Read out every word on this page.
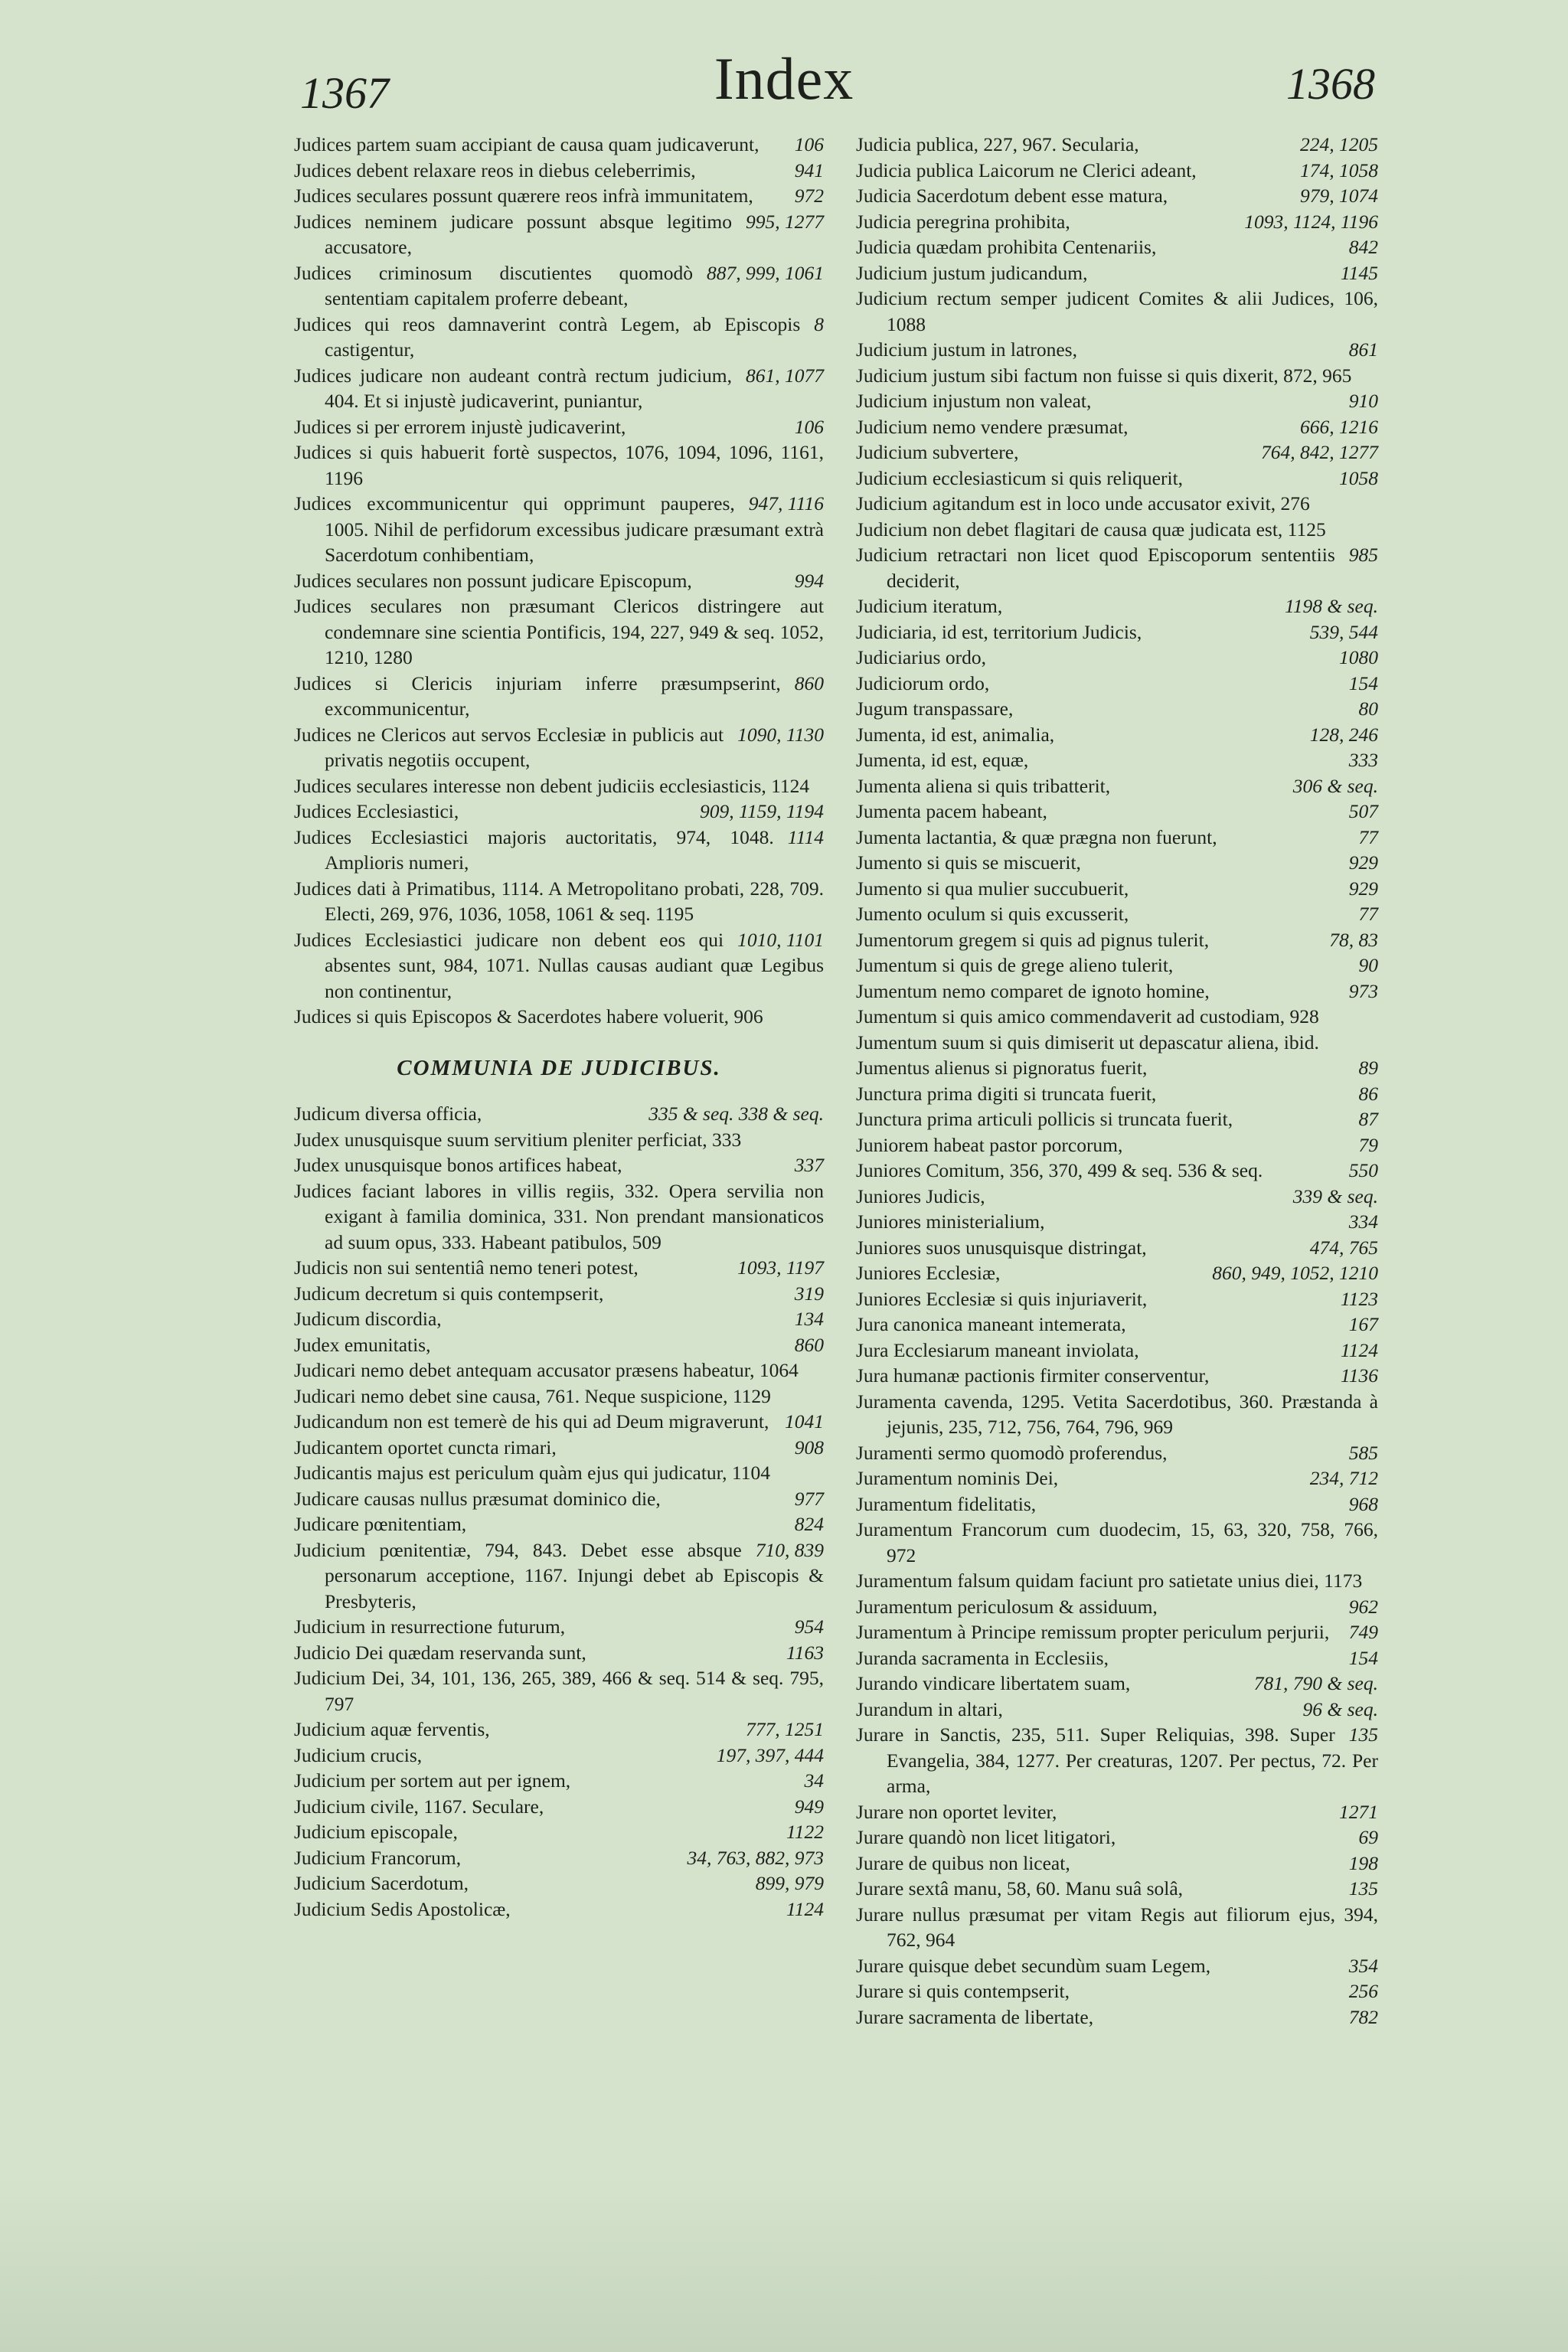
1367	Index	1368
106
Judices partem suam accipiant de causa quam judicaverunt,
941
Judices debent relaxare reos in diebus celeberrimis,
972
Judices seculares possunt quærere reos infrà immunitatem,
995, 1277
Judices neminem judicare possunt absque legitimo accusatore,
887, 999, 1061
Judices criminosum discutientes quomodò sententiam capitalem proferre debeant,
8
Judices qui reos damnaverint contrà Legem, ab Episcopis castigentur,
861, 1077
Judices judicare non audeant contrà rectum judicium, 404. Et si injustè judicaverint, puniantur,
106
Judices si per errorem injustè judicaverint,
Judices si quis habuerit fortè suspectos, 1076, 1094, 1096, 1161, 1196
947, 1116
Judices excommunicentur qui opprimunt pauperes, 1005. Nihil de perfidorum excessibus judicare præsumant extrà Sacerdotum conhibentiam,
994
Judices seculares non possunt judicare Episcopum,
Judices seculares non præsumant Clericos distringere aut condemnare sine scientia Pontificis, 194, 227, 949 & seq. 1052, 1210, 1280
860
Judices si Clericis injuriam inferre præsumpserint, excommunicentur,
1090, 1130
Judices ne Clericos aut servos Ecclesiæ in publicis aut privatis negotiis occupent,
Judices seculares interesse non debent judiciis ecclesiasticis, 1124
909, 1159, 1194
Judices Ecclesiastici,
1114
Judices Ecclesiastici majoris auctoritatis, 974, 1048. Amplioris numeri,
Judices dati à Primatibus, 1114. A Metropolitano probati, 228, 709. Electi, 269, 976, 1036, 1058, 1061 & seq. 1195
1010, 1101
Judices Ecclesiastici judicare non debent eos qui absentes sunt, 984, 1071. Nullas causas audiant quæ Legibus non continentur,
Judices si quis Episcopos & Sacerdotes habere voluerit, 906
COMMUNIA DE JUDICIBUS.
335 & seq. 338 & seq.
Judicum diversa officia,
Judex unusquisque suum servitium pleniter perficiat, 333
337
Judex unusquisque bonos artifices habeat,
Judices faciant labores in villis regiis, 332. Opera servilia non exigant à familia dominica, 331. Non prendant mansionaticos ad suum opus, 333. Habeant patibulos, 509
1093, 1197
Judicis non sui sententiâ nemo teneri potest,
319
Judicum decretum si quis contempserit,
134
Judicum discordia,
860
Judex emunitatis,
Judicari nemo debet antequam accusator præsens habeatur, 1064
Judicari nemo debet sine causa, 761. Neque suspicione, 1129
1041
Judicandum non est temerè de his qui ad Deum migraverunt,
908
Judicantem oportet cuncta rimari,
Judicantis majus est periculum quàm ejus qui judicatur, 1104
977
Judicare causas nullus præsumat dominico die,
824
Judicare pœnitentiam,
710, 839
Judicium pœnitentiæ, 794, 843. Debet esse absque personarum acceptione, 1167. Injungi debet ab Episcopis & Presbyteris,
954
Judicium in resurrectione futurum,
1163
Judicio Dei quædam reservanda sunt,
Judicium Dei, 34, 101, 136, 265, 389, 466 & seq. 514 & seq. 795, 797
777, 1251
Judicium aquæ ferventis,
197, 397, 444
Judicium crucis,
34
Judicium per sortem aut per ignem,
949
Judicium civile, 1167. Seculare,
1122
Judicium episcopale,
34, 763, 882, 973
Judicium Francorum,
899, 979
Judicium Sacerdotum,
1124
Judicium Sedis Apostolicæ,
224, 1205
Judicia publica, 227, 967. Secularia,
174, 1058
Judicia publica Laicorum ne Clerici adeant,
979, 1074
Judicia Sacerdotum debent esse matura,
1093, 1124, 1196
Judicia peregrina prohibita,
842
Judicia quædam prohibita Centenariis,
1145
Judicium justum judicandum,
Judicium rectum semper judicent Comites & alii Judices, 106, 1088
861
Judicium justum in latrones,
Judicium justum sibi factum non fuisse si quis dixerit, 872, 965
910
Judicium injustum non valeat,
666, 1216
Judicium nemo vendere præsumat,
764, 842, 1277
Judicium subvertere,
1058
Judicium ecclesiasticum si quis reliquerit,
Judicium agitandum est in loco unde accusator exivit, 276
Judicium non debet flagitari de causa quæ judicata est, 1125
985
Judicium retractari non licet quod Episcoporum sententiis deciderit,
1198 & seq.
Judicium iteratum,
539, 544
Judiciaria, id est, territorium Judicis,
1080
Judiciarius ordo,
154
Judiciorum ordo,
80
Jugum transpassare,
128, 246
Jumenta, id est, animalia,
333
Jumenta, id est, equæ,
306 & seq.
Jumenta aliena si quis tribatterit,
507
Jumenta pacem habeant,
77
Jumenta lactantia, & quæ prægna non fuerunt,
929
Jumento si quis se miscuerit,
929
Jumento si qua mulier succubuerit,
77
Jumento oculum si quis excusserit,
78, 83
Jumentorum gregem si quis ad pignus tulerit,
90
Jumentum si quis de grege alieno tulerit,
973
Jumentum nemo comparet de ignoto homine,
Jumentum si quis amico commendaverit ad custodiam, 928
Jumentum suum si quis dimiserit ut depascatur aliena, ibid.
89
Jumentus alienus si pignoratus fuerit,
86
Junctura prima digiti si truncata fuerit,
87
Junctura prima articuli pollicis si truncata fuerit,
79
Juniorem habeat pastor porcorum,
550
Juniores Comitum, 356, 370, 499 & seq. 536 & seq.
339 & seq.
Juniores Judicis,
334
Juniores ministerialium,
474, 765
Juniores suos unusquisque distringat,
860, 949, 1052, 1210
Juniores Ecclesiæ,
1123
Juniores Ecclesiæ si quis injuriaverit,
167
Jura canonica maneant intemerata,
1124
Jura Ecclesiarum maneant inviolata,
1136
Jura humanæ pactionis firmiter conserventur,
Juramenta cavenda, 1295. Vetita Sacerdotibus, 360. Præstanda à jejunis, 235, 712, 756, 764, 796, 969
585
Juramenti sermo quomodò proferendus,
234, 712
Juramentum nominis Dei,
968
Juramentum fidelitatis,
Juramentum Francorum cum duodecim, 15, 63, 320, 758, 766, 972
Juramentum falsum quidam faciunt pro satietate unius diei, 1173
962
Juramentum periculosum & assiduum,
749
Juramentum à Principe remissum propter periculum perjurii,
154
Juranda sacramenta in Ecclesiis,
781, 790 & seq.
Jurando vindicare libertatem suam,
96 & seq.
Jurandum in altari,
135
Jurare in Sanctis, 235, 511. Super Reliquias, 398. Super Evangelia, 384, 1277. Per creaturas, 1207. Per pectus, 72. Per arma,
1271
Jurare non oportet leviter,
69
Jurare quandò non licet litigatori,
198
Jurare de quibus non liceat,
135
Jurare sextâ manu, 58, 60. Manu suâ solâ,
Jurare nullus præsumat per vitam Regis aut filiorum ejus, 394, 762, 964
354
Jurare quisque debet secundùm suam Legem,
256
Jurare si quis contempserit,
782
Jurare sacramenta de libertate,
